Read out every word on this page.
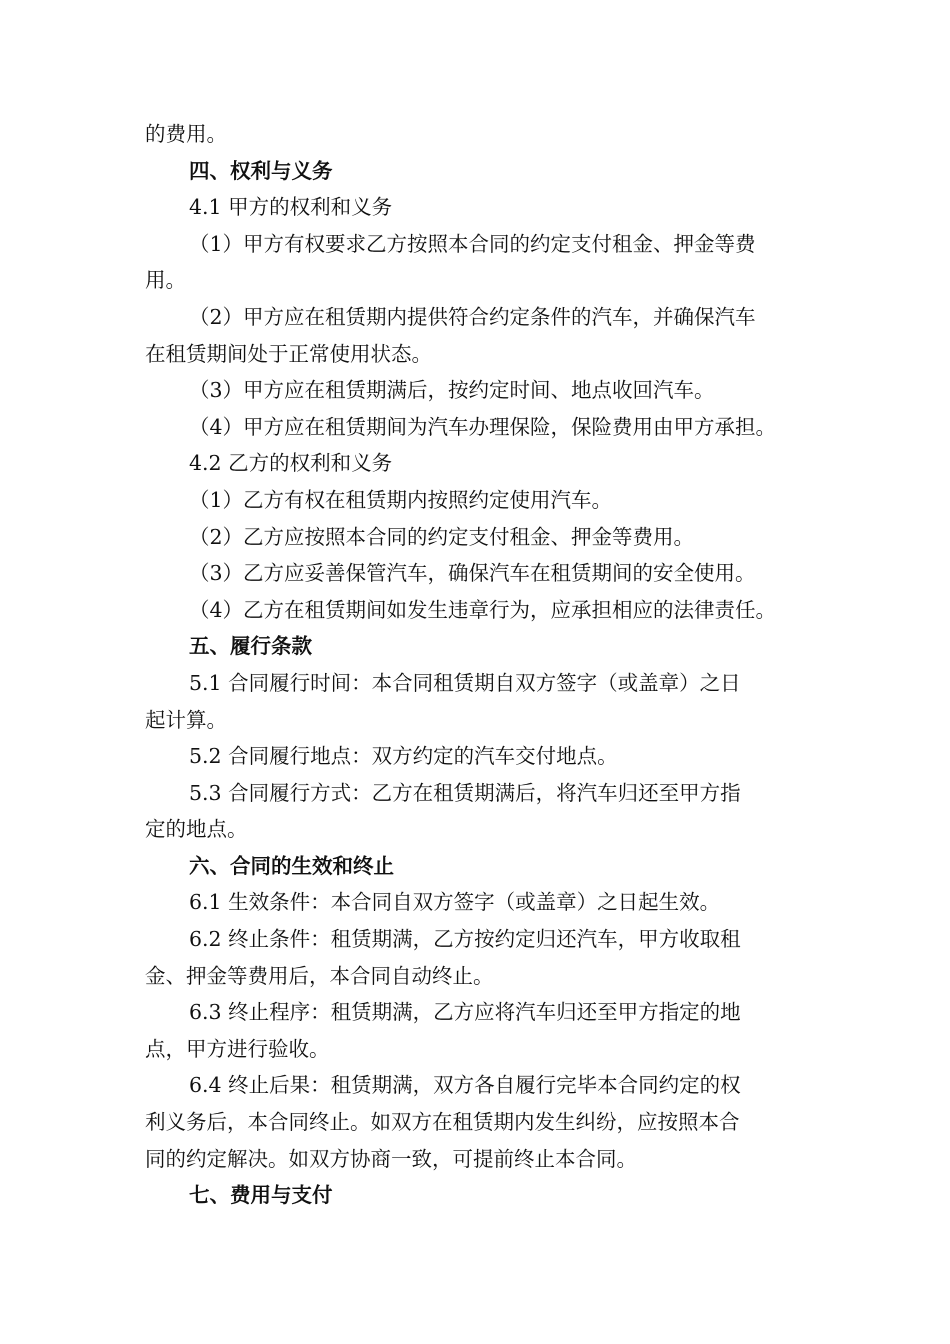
的费用。

四、权利与义务

4.1 甲方的权利和义务

（1）甲方有权要求乙方按照本合同的约定支付租金、押金等费

用。

（2）甲方应在租赁期内提供符合约定条件的汽车，并确保汽车

在租赁期间处于正常使用状态。

（3）甲方应在租赁期满后，按约定时间、地点收回汽车。

（4）甲方应在租赁期间为汽车办理保险，保险费用由甲方承担。

4.2 乙方的权利和义务

（1）乙方有权在租赁期内按照约定使用汽车。

（2）乙方应按照本合同的约定支付租金、押金等费用。

（3）乙方应妥善保管汽车，确保汽车在租赁期间的安全使用。

（4）乙方在租赁期间如发生违章行为，应承担相应的法律责任。

五、履行条款

5.1 合同履行时间：本合同租赁期自双方签字（或盖章）之日

起计算。

5.2 合同履行地点：双方约定的汽车交付地点。

5.3 合同履行方式：乙方在租赁期满后，将汽车归还至甲方指

定的地点。

六、合同的生效和终止

6.1 生效条件：本合同自双方签字（或盖章）之日起生效。

6.2 终止条件：租赁期满，乙方按约定归还汽车，甲方收取租

金、押金等费用后，本合同自动终止。

6.3 终止程序：租赁期满，乙方应将汽车归还至甲方指定的地

点，甲方进行验收。

6.4 终止后果：租赁期满，双方各自履行完毕本合同约定的权

利义务后，本合同终止。如双方在租赁期内发生纠纷，应按照本合

同的约定解决。如双方协商一致，可提前终止本合同。

七、费用与支付
